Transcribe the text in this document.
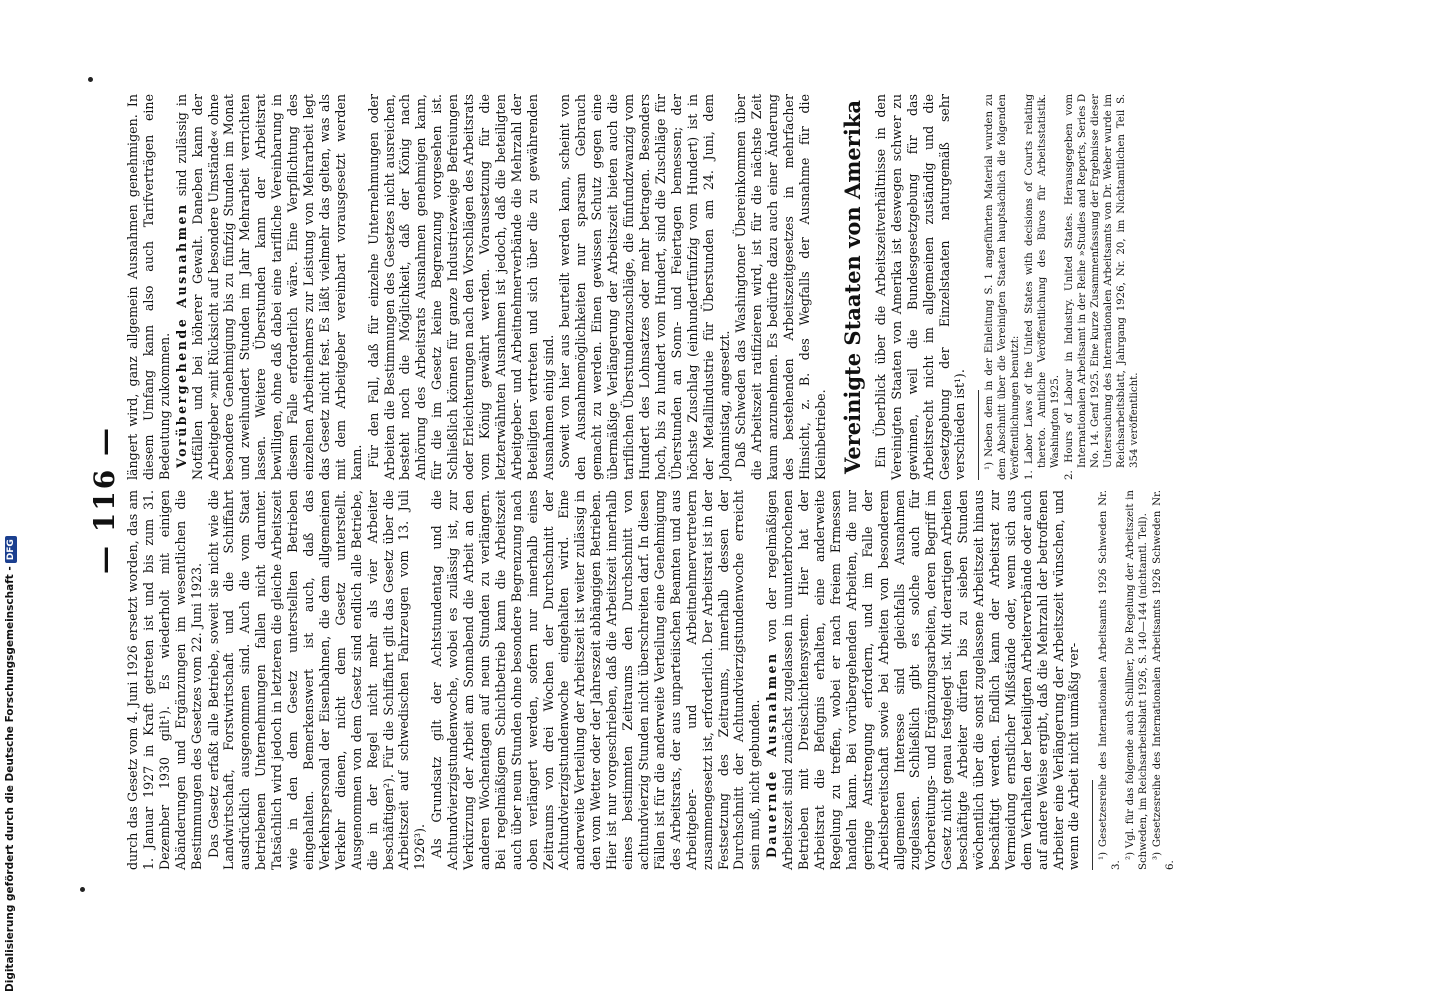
— 116 — durch das Gesetz vom 4. Juni 1926 ersetzt worden, das am 1. Januar 1927 in Kraft getreten ist und bis zum 31. Dezember 1930 gilt¹). Es wiederholt mit einigen Abänderungen und Ergänzungen im wesentlichen die Bestimmungen des Gesetzes vom 22. Juni 1923. Das Gesetz erfaßt alle Betriebe, soweit sie nicht wie die Landwirtschaft, Forstwirtschaft und die Schiffahrt ausdrücklich ausgenommen sind. Auch die vom Staat betriebenen Unternehmungen fallen nicht darunter. Tatsächlich wird jedoch in letzteren die gleiche Arbeitszeit wie in den dem Gesetz unterstellten Betrieben eingehalten. Bemerkenswert ist auch, daß das Verkehrspersonal der Eisenbahnen, die dem allgemeinen Verkehr dienen, nicht dem Gesetz unterstellt. Ausgenommen von dem Gesetz sind endlich alle Betriebe, die in der Regel nicht mehr als vier Arbeiter beschäftigen²). Für die Schiffahrt gilt das Gesetz über die Arbeitszeit auf schwedischen Fahrzeugen vom 13. Juli 1926³). Als Grundsatz gilt der Achtstundentag und die Achtundvierzigstundenwoche, wobei es zulässig ist, zur Verkürzung der Arbeit am Sonnabend die Arbeit an den anderen Wochentagen auf neun Stunden zu verlängern. Bei regelmäßigem Schichtbetrieb kann die Arbeitszeit auch über neun Stunden ohne besondere Begrenzung nach oben verlängert werden, sofern nur innerhalb eines Zeitraums von drei Wochen der Durchschnitt der Achtundvierzigstundenwoche eingehalten wird. Eine anderweite Verteilung der Arbeitszeit ist weiter zulässig in den vom Wetter oder der Jahreszeit abhängigen Betrieben. Hier ist nur vorgeschrieben, daß die Arbeitszeit innerhalb eines bestimmten Zeitraums den Durchschnitt von achtundvierzig Stunden nicht überschreiten darf. In diesen Fällen ist für die anderweite Verteilung eine Genehmigung des Arbeitsrats, der aus unparteiischen Beamten und aus Arbeitgeber- und Arbeitnehmervertretern zusammengesetzt ist, erforderlich. Der Arbeitsrat ist in der Festsetzung des Zeitraums, innerhalb dessen der Durchschnitt der Achtundvierzigstundenwoche erreicht sein muß, nicht gebunden. Dauernde Ausnahmen von der regelmäßigen Arbeitszeit sind zunächst zugelassen in ununterbrochenen Betrieben mit Dreischichtensystem. Hier hat der Arbeitsrat die Befugnis erhalten, eine anderweite Regelung zu treffen, wobei er nach freiem Ermessen handeln kann. Bei vorübergehenden Arbeiten, die nur geringe Anstrengung erfordern, und im Falle der Arbeitsbereitschaft sowie bei Arbeiten von besonderem allgemeinen Interesse sind gleichfalls Ausnahmen zugelassen. Schließlich gibt es solche auch für Vorbereitungs- und Ergänzungsarbeiten, deren Begriff im Gesetz nicht genau festgelegt ist. Mit derartigen Arbeiten beschäftigte Arbeiter dürfen bis zu sieben Stunden wöchentlich über die sonst zugelassene Arbeitszeit hinaus beschäftigt werden. Endlich kann der Arbeitsrat zur Vermeidung ernstlicher Mißstände oder, wenn sich aus dem Verhalten der beteiligten Arbeiterverbände oder auch auf andere Weise ergibt, daß die Mehrzahl der betroffenen Arbeiter eine Verlängerung der Arbeitszeit wünschen, und wenn die Arbeit nicht unmäßig ver- ¹) Gesetzesreihe des Internationalen Arbeitsamts 1926 Schweden Nr. 3.

²) Vgl. für das folgende auch Schillner, Die Regelung der Arbeitszeit in Schweden, im Reichsarbeitsblatt 1926, S. 140—144 (nichtamtl. Teil). ³) Gesetzesreihe des Internationalen Arbeitsamts 1926 Schweden Nr. 6.

längert wird, ganz allgemein Ausnahmen genehmigen. In diesem Umfang kann also auch Tarifverträgen eine Bedeutung zukommen. Vorübergehende Ausnahmen sind zulässig in Notfällen und bei höherer Gewalt. Daneben kann der Arbeitgeber »mit Rücksicht auf besondere Umstände« ohne besondere Genehmigung bis zu fünfzig Stunden im Monat und zweihundert Stunden im Jahr Mehrarbeit verrichten lassen. Weitere Überstunden kann der Arbeitsrat bewilligen, ohne daß dabei eine tarifliche Vereinbarung in diesem Falle erforderlich wäre. Eine Verpflichtung des einzelnen Arbeitnehmers zur Leistung von Mehrarbeit legt das Gesetz nicht fest. Es läßt vielmehr das gelten, was als mit dem Arbeitgeber vereinbart vorausgesetzt werden kann. Für den Fall, daß für einzelne Unternehmungen oder Arbeiten die Bestimmungen des Gesetzes nicht ausreichen, besteht noch die Möglichkeit, daß der König nach Anhörung des Arbeitsrats Ausnahmen genehmigen kann, für die im Gesetz keine Begrenzung vorgesehen ist. Schließlich können für ganze Industriezweige Befreiungen oder Erleichterungen nach den Vorschlägen des Arbeitsrats vom König gewährt werden. Voraussetzung für die letzterwähnten Ausnahmen ist jedoch, daß die beteiligten Arbeitgeber- und Arbeitnehmerverbände die Mehrzahl der Beteiligten vertreten und sich über die zu gewährenden Ausnahmen einig sind. Soweit von hier aus beurteilt werden kann, scheint von den Ausnahmemöglichkeiten nur sparsam Gebrauch gemacht zu werden. Einen gewissen Schutz gegen eine übermäßige Verlängerung der Arbeitszeit bieten auch die tariflichen Überstundenzuschläge, die fünfundzwanzig vom Hundert des Lohnsatzes oder mehr betragen. Besonders hoch, bis zu hundert vom Hundert, sind die Zuschläge für Überstunden an Sonn- und Feiertagen bemessen; der höchste Zuschlag (einhundertfünfzig vom Hundert) ist in der Metallindustrie für Überstunden am 24. Juni, dem Johannistag, angesetzt. Daß Schweden das Washingtoner Übereinkommen über die Arbeitszeit ratifizieren wird, ist für die nächste Zeit kaum anzunehmen. Es bedürfte dazu auch einer Änderung des bestehenden Arbeitszeitgesetzes in mehrfacher Hinsicht, z. B. des Wegfalls der Ausnahme für die Kleinbetriebe. Vereinigte Staaten von Amerika Ein Überblick über die Arbeitszeitverhältnisse in den Vereinigten Staaten von Amerika ist deswegen schwer zu gewinnen, weil die Bundesgesetzgebung für das Arbeitsrecht nicht im allgemeinen zuständig und die Gesetzgebung der Einzelstaaten naturgemäß sehr verschieden ist¹). ¹) Neben dem in der Einleitung S. 1 angeführten Material wurden zu dem Abschnitt über die Vereinigten Staaten hauptsächlich die folgenden Veröffentlichungen benutzt: 1. Labor Laws of the United States with decisions of Courts relating thereto. Amtliche Veröffentlichung des Büros für Arbeitsstatistik. Washington 1925. 2. Hours of Labour in Industry. United States. Herausgegeben vom Internationalen Arbeitsamt in der Reihe »Studies and Reports, Series D No. 14. Genf 1925. Eine kurze Zusammenfassung der Ergebnisse dieser Untersuchung des Internationalen Arbeitsamts von Dr. Weber wurde im Reichsarbeitsblatt, Jahrgang 1926, Nr. 20, im Nichtamtlichen Teil S. 354 veröffentlicht.

Digitalisierung gefördert durch die Deutsche Forschungsgemeinschaft -DFG
